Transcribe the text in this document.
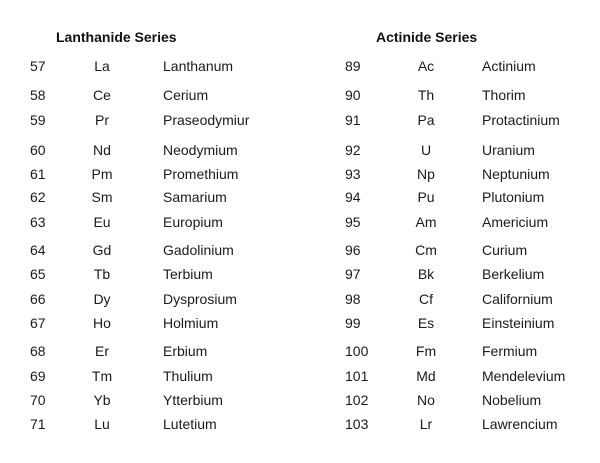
Lanthanide Series	Actinide Series
57	La	Lanthanum
58	Ce	Cerium
59	Pr	Praseodymiur
60	Nd	Neodymium
61	Pm	Promethium
62	Sm	Samarium
63	Eu	Europium
64	Gd	Gadolinium
65	Tb	Terbium
66	Dy	Dysprosium
67	Ho	Holmium
68	Er	Erbium
69	Tm	Thulium
70	Yb	Ytterbium
71	Lu	Lutetium
89	Ac	Actinium
90	Th	Thorim
91	Pa	Protactinium
92	U	Uranium
93	Np	Neptunium
94	Pu	Plutonium
95	Am	Americium
96	Cm	Curium
97	Bk	Berkelium
98	Cf	Californium
99	Es	Einsteinium
100	Fm	Fermium
101	Md	Mendelevium
102	No	Nobelium
103	Lr	Lawrencium
